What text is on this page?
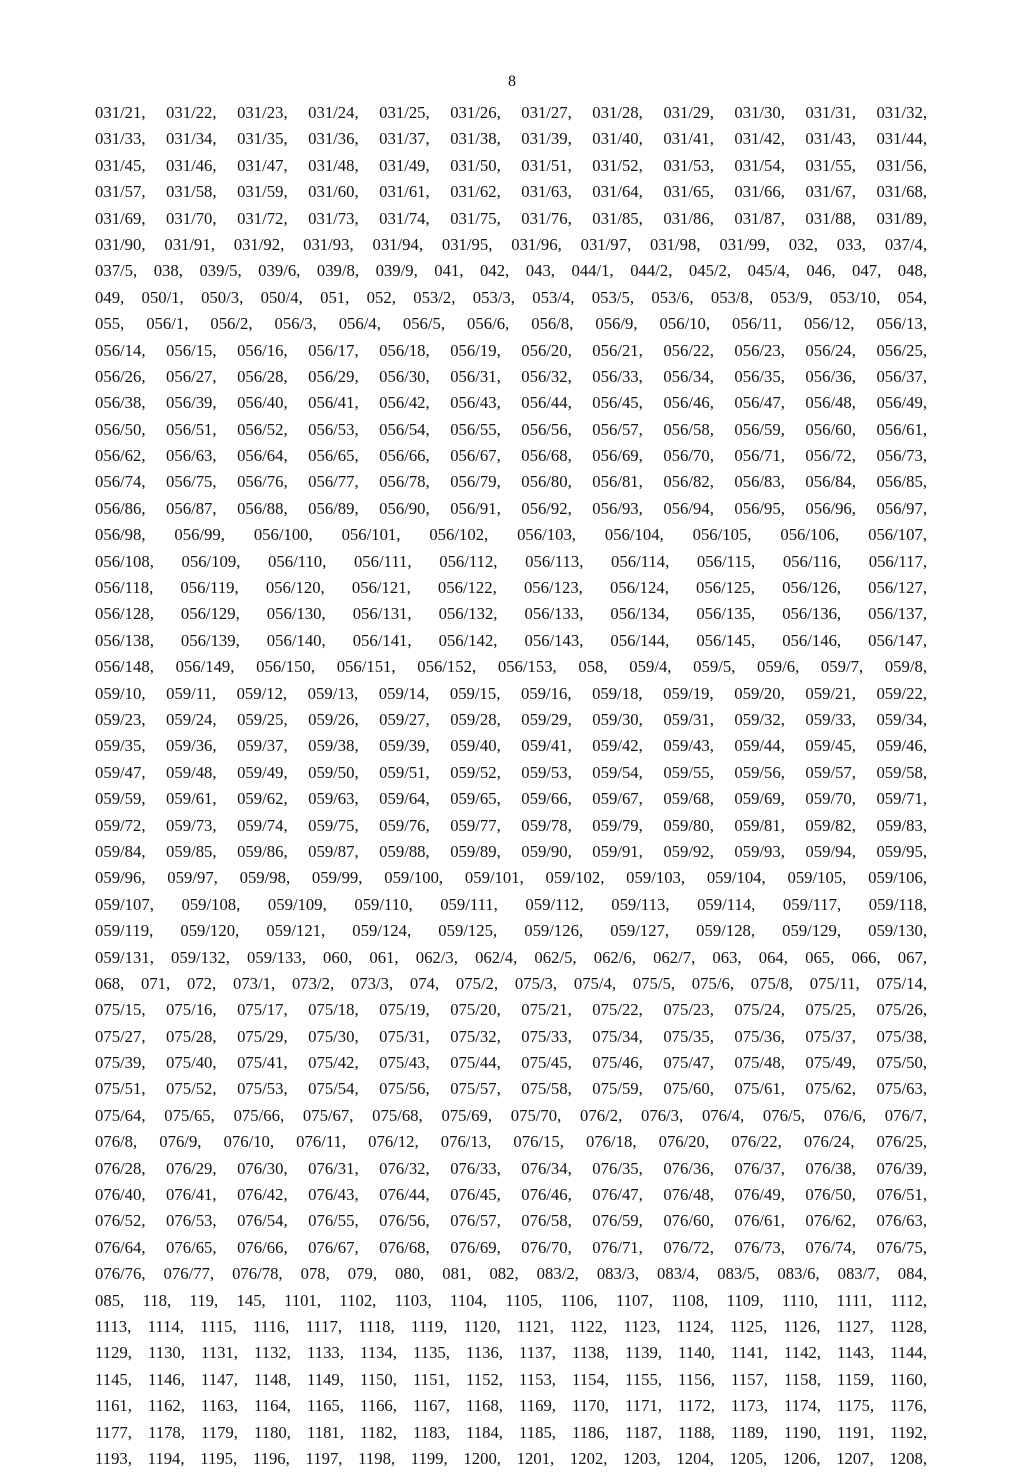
8
031/21, 031/22, 031/23, 031/24, 031/25, 031/26, 031/27, 031/28, 031/29, 031/30, 031/31, 031/32,
031/33, 031/34, 031/35, 031/36, 031/37, 031/38, 031/39, 031/40, 031/41, 031/42, 031/43, 031/44,
031/45, 031/46, 031/47, 031/48, 031/49, 031/50, 031/51, 031/52, 031/53, 031/54, 031/55, 031/56,
031/57, 031/58, 031/59, 031/60, 031/61, 031/62, 031/63, 031/64, 031/65, 031/66, 031/67, 031/68,
031/69, 031/70, 031/72, 031/73, 031/74, 031/75, 031/76, 031/85, 031/86, 031/87, 031/88, 031/89,
031/90, 031/91, 031/92, 031/93, 031/94, 031/95, 031/96, 031/97, 031/98, 031/99, 032, 033, 037/4,
037/5, 038, 039/5, 039/6, 039/8, 039/9, 041, 042, 043, 044/1, 044/2, 045/2, 045/4, 046, 047, 048,
049, 050/1, 050/3, 050/4, 051, 052, 053/2, 053/3, 053/4, 053/5, 053/6, 053/8, 053/9, 053/10, 054,
055, 056/1, 056/2, 056/3, 056/4, 056/5, 056/6, 056/8, 056/9, 056/10, 056/11, 056/12, 056/13,
056/14, 056/15, 056/16, 056/17, 056/18, 056/19, 056/20, 056/21, 056/22, 056/23, 056/24, 056/25,
056/26, 056/27, 056/28, 056/29, 056/30, 056/31, 056/32, 056/33, 056/34, 056/35, 056/36, 056/37,
056/38, 056/39, 056/40, 056/41, 056/42, 056/43, 056/44, 056/45, 056/46, 056/47, 056/48, 056/49,
056/50, 056/51, 056/52, 056/53, 056/54, 056/55, 056/56, 056/57, 056/58, 056/59, 056/60, 056/61,
056/62, 056/63, 056/64, 056/65, 056/66, 056/67, 056/68, 056/69, 056/70, 056/71, 056/72, 056/73,
056/74, 056/75, 056/76, 056/77, 056/78, 056/79, 056/80, 056/81, 056/82, 056/83, 056/84, 056/85,
056/86, 056/87, 056/88, 056/89, 056/90, 056/91, 056/92, 056/93, 056/94, 056/95, 056/96, 056/97,
056/98, 056/99, 056/100, 056/101, 056/102, 056/103, 056/104, 056/105, 056/106, 056/107,
056/108, 056/109, 056/110, 056/111, 056/112, 056/113, 056/114, 056/115, 056/116, 056/117,
056/118, 056/119, 056/120, 056/121, 056/122, 056/123, 056/124, 056/125, 056/126, 056/127,
056/128, 056/129, 056/130, 056/131, 056/132, 056/133, 056/134, 056/135, 056/136, 056/137,
056/138, 056/139, 056/140, 056/141, 056/142, 056/143, 056/144, 056/145, 056/146, 056/147,
056/148, 056/149, 056/150, 056/151, 056/152, 056/153, 058, 059/4, 059/5, 059/6, 059/7, 059/8,
059/10, 059/11, 059/12, 059/13, 059/14, 059/15, 059/16, 059/18, 059/19, 059/20, 059/21, 059/22,
059/23, 059/24, 059/25, 059/26, 059/27, 059/28, 059/29, 059/30, 059/31, 059/32, 059/33, 059/34,
059/35, 059/36, 059/37, 059/38, 059/39, 059/40, 059/41, 059/42, 059/43, 059/44, 059/45, 059/46,
059/47, 059/48, 059/49, 059/50, 059/51, 059/52, 059/53, 059/54, 059/55, 059/56, 059/57, 059/58,
059/59, 059/61, 059/62, 059/63, 059/64, 059/65, 059/66, 059/67, 059/68, 059/69, 059/70, 059/71,
059/72, 059/73, 059/74, 059/75, 059/76, 059/77, 059/78, 059/79, 059/80, 059/81, 059/82, 059/83,
059/84, 059/85, 059/86, 059/87, 059/88, 059/89, 059/90, 059/91, 059/92, 059/93, 059/94, 059/95,
059/96, 059/97, 059/98, 059/99, 059/100, 059/101, 059/102, 059/103, 059/104, 059/105, 059/106,
059/107, 059/108, 059/109, 059/110, 059/111, 059/112, 059/113, 059/114, 059/117, 059/118,
059/119, 059/120, 059/121, 059/124, 059/125, 059/126, 059/127, 059/128, 059/129, 059/130,
059/131, 059/132, 059/133, 060, 061, 062/3, 062/4, 062/5, 062/6, 062/7, 063, 064, 065, 066, 067,
068, 071, 072, 073/1, 073/2, 073/3, 074, 075/2, 075/3, 075/4, 075/5, 075/6, 075/8, 075/11, 075/14,
075/15, 075/16, 075/17, 075/18, 075/19, 075/20, 075/21, 075/22, 075/23, 075/24, 075/25, 075/26,
075/27, 075/28, 075/29, 075/30, 075/31, 075/32, 075/33, 075/34, 075/35, 075/36, 075/37, 075/38,
075/39, 075/40, 075/41, 075/42, 075/43, 075/44, 075/45, 075/46, 075/47, 075/48, 075/49, 075/50,
075/51, 075/52, 075/53, 075/54, 075/56, 075/57, 075/58, 075/59, 075/60, 075/61, 075/62, 075/63,
075/64, 075/65, 075/66, 075/67, 075/68, 075/69, 075/70, 076/2, 076/3, 076/4, 076/5, 076/6, 076/7,
076/8, 076/9, 076/10, 076/11, 076/12, 076/13, 076/15, 076/18, 076/20, 076/22, 076/24, 076/25,
076/28, 076/29, 076/30, 076/31, 076/32, 076/33, 076/34, 076/35, 076/36, 076/37, 076/38, 076/39,
076/40, 076/41, 076/42, 076/43, 076/44, 076/45, 076/46, 076/47, 076/48, 076/49, 076/50, 076/51,
076/52, 076/53, 076/54, 076/55, 076/56, 076/57, 076/58, 076/59, 076/60, 076/61, 076/62, 076/63,
076/64, 076/65, 076/66, 076/67, 076/68, 076/69, 076/70, 076/71, 076/72, 076/73, 076/74, 076/75,
076/76, 076/77, 076/78, 078, 079, 080, 081, 082, 083/2, 083/3, 083/4, 083/5, 083/6, 083/7, 084,
085, 118, 119, 145, 1101, 1102, 1103, 1104, 1105, 1106, 1107, 1108, 1109, 1110, 1111, 1112,
1113, 1114, 1115, 1116, 1117, 1118, 1119, 1120, 1121, 1122, 1123, 1124, 1125, 1126, 1127, 1128,
1129, 1130, 1131, 1132, 1133, 1134, 1135, 1136, 1137, 1138, 1139, 1140, 1141, 1142, 1143, 1144,
1145, 1146, 1147, 1148, 1149, 1150, 1151, 1152, 1153, 1154, 1155, 1156, 1157, 1158, 1159, 1160,
1161, 1162, 1163, 1164, 1165, 1166, 1167, 1168, 1169, 1170, 1171, 1172, 1173, 1174, 1175, 1176,
1177, 1178, 1179, 1180, 1181, 1182, 1183, 1184, 1185, 1186, 1187, 1188, 1189, 1190, 1191, 1192,
1193, 1194, 1195, 1196, 1197, 1198, 1199, 1200, 1201, 1202, 1203, 1204, 1205, 1206, 1207, 1208,
